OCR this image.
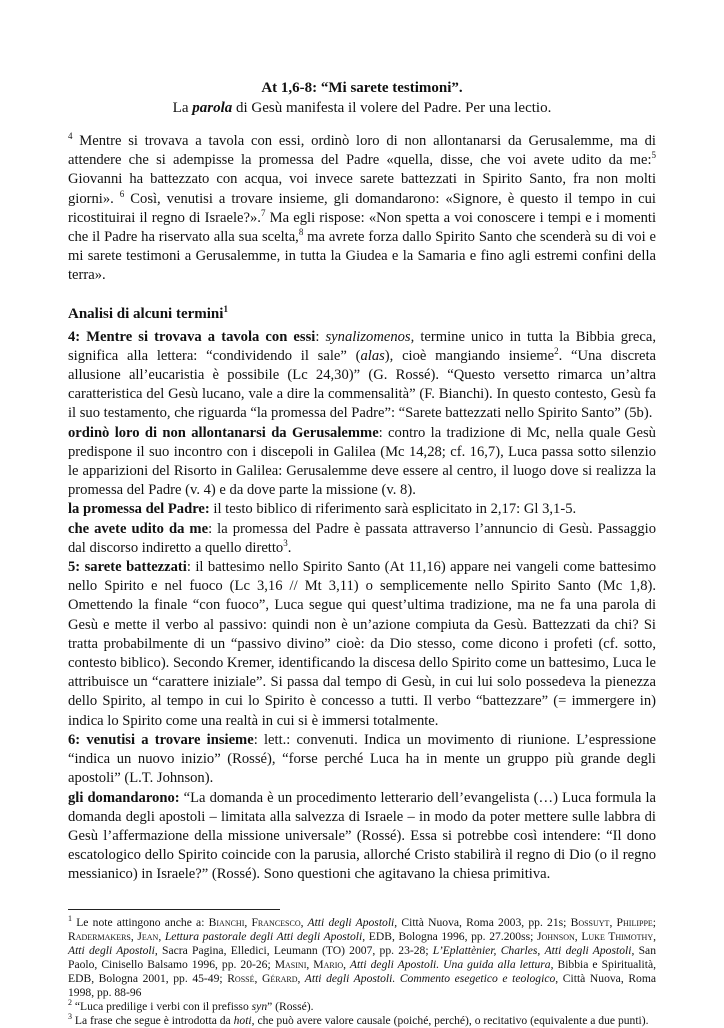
At 1,6-8: “Mi sarete testimoni”.

La parola di Gesù manifesta il volere del Padre. Per una lectio.

$^4$ Mentre si trovava a tavola con essi, ordinò loro di non allontanarsi da Gerusalemme, ma di attendere che si adempisse la promessa del Padre «quella, disse, che voi avete udito da me:$^5$ Giovanni ha battezzato con acqua, voi invece sarete battezzati in Spirito Santo, fra non molti giorni». $^6$ Così, venutisi a trovare insieme, gli domandarono: «Signore, è questo il tempo in cui ricostituirai il regno di Israele?».$^7$ Ma egli rispose: «Non spetta a voi conoscere i tempi e i momenti che il Padre ha riservato alla sua scelta,$^8$ ma avrete forza dallo Spirito Santo che scenderà su di voi e mi sarete testimoni a Gerusalemme, in tutta la Giudea e la Samaria e fino agli estremi confini della terra».

Analisi di alcuni termini$^1$

4: Mentre si trovava a tavola con essi: synalizomenos, termine unico in tutta la Bibbia greca, significa alla lettera: “condividendo il sale” (alas), cioè mangiando insieme$^2$. “Una discreta allusione all’eucaristia è possibile (Lc 24,30)” (G. Rossé). “Questo versetto rimarca un’altra caratteristica del Gesù lucano, vale a dire la commensalità” (F. Bianchi). In questo contesto, Gesù fa il suo testamento, che riguarda “la promessa del Padre”: “Sarete battezzati nello Spirito Santo” (5b).

ordinò loro di non allontanarsi da Gerusalemme: contro la tradizione di Mc, nella quale Gesù predispone il suo incontro con i discepoli in Galilea (Mc 14,28; cf. 16,7), Luca passa sotto silenzio le apparizioni del Risorto in Galilea: Gerusalemme deve essere al centro, il luogo dove si realizza la promessa del Padre (v. 4) e da dove parte la missione (v. 8).

la promessa del Padre: il testo biblico di riferimento sarà esplicitato in 2,17: Gl 3,1-5.

che avete udito da me: la promessa del Padre è passata attraverso l’annuncio di Gesù. Passaggio dal discorso indiretto a quello diretto$^3$.

5: sarete battezzati: il battesimo nello Spirito Santo (At 11,16) appare nei vangeli come battesimo nello Spirito e nel fuoco (Lc 3,16 // Mt 3,11) o semplicemente nello Spirito Santo (Mc 1,8). Omettendo la finale “con fuoco”, Luca segue qui quest’ultima tradizione, ma ne fa una parola di Gesù e mette il verbo al passivo: quindi non è un’azione compiuta da Gesù. Battezzati da chi? Si tratta probabilmente di un “passivo divino” cioè: da Dio stesso, come dicono i profeti (cf. sotto, contesto biblico). Secondo Kremer, identificando la discesa dello Spirito come un battesimo, Luca le attribuisce un “carattere iniziale”. Si passa dal tempo di Gesù, in cui lui solo possedeva la pienezza dello Spirito, al tempo in cui lo Spirito è concesso a tutti. Il verbo “battezzare” (= immergere in) indica lo Spirito come una realtà in cui si è immersi totalmente.

6: venutisi a trovare insieme: lett.: convenuti. Indica un movimento di riunione. L’espressione “indica un nuovo inizio” (Rossé), “forse perché Luca ha in mente un gruppo più grande degli apostoli” (L.T. Johnson).

gli domandarono: “La domanda è un procedimento letterario dell’evangelista (…) Luca formula la domanda degli apostoli – limitata alla salvezza di Israele – in modo da poter mettere sulle labbra di Gesù l’affermazione della missione universale” (Rossé). Essa si potrebbe così intendere: “Il dono escatologico dello Spirito coincide con la parusia, allorché Cristo stabilirà il regno di Dio (o il regno messianico) in Israele?” (Rossé). Sono questioni che agitavano la chiesa primitiva.

$^1$ Le note attingono anche a: Bianchi, Francesco, Atti degli Apostoli, Città Nuova, Roma 2003, pp. 21s; Bossuyt, Philippe; Radermakers, Jean, Lettura pastorale degli Atti degli Apostoli, EDB, Bologna 1996, pp. 27.200ss; Johnson, Luke Thimothy, Atti degli Apostoli, Sacra Pagina, Elledici, Leumann (TO) 2007, pp. 23-28; L’Eplattènier, Charles, Atti degli Apostoli, San Paolo, Cinisello Balsamo 1996, pp. 20-26; Masini, Mario, Atti degli Apostoli. Una guida alla lettura, Bibbia e Spiritualità, EDB, Bologna 2001, pp. 45-49; Rossé, Gérard, Atti degli Apostoli. Commento esegetico e teologico, Città Nuova, Roma 1998, pp. 88-96

$^2$ “Luca predilige i verbi con il prefisso syn” (Rossé).

$^3$ La frase che segue è introdotta da hoti, che può avere valore causale (poiché, perché), o recitativo (equivalente a due punti).
